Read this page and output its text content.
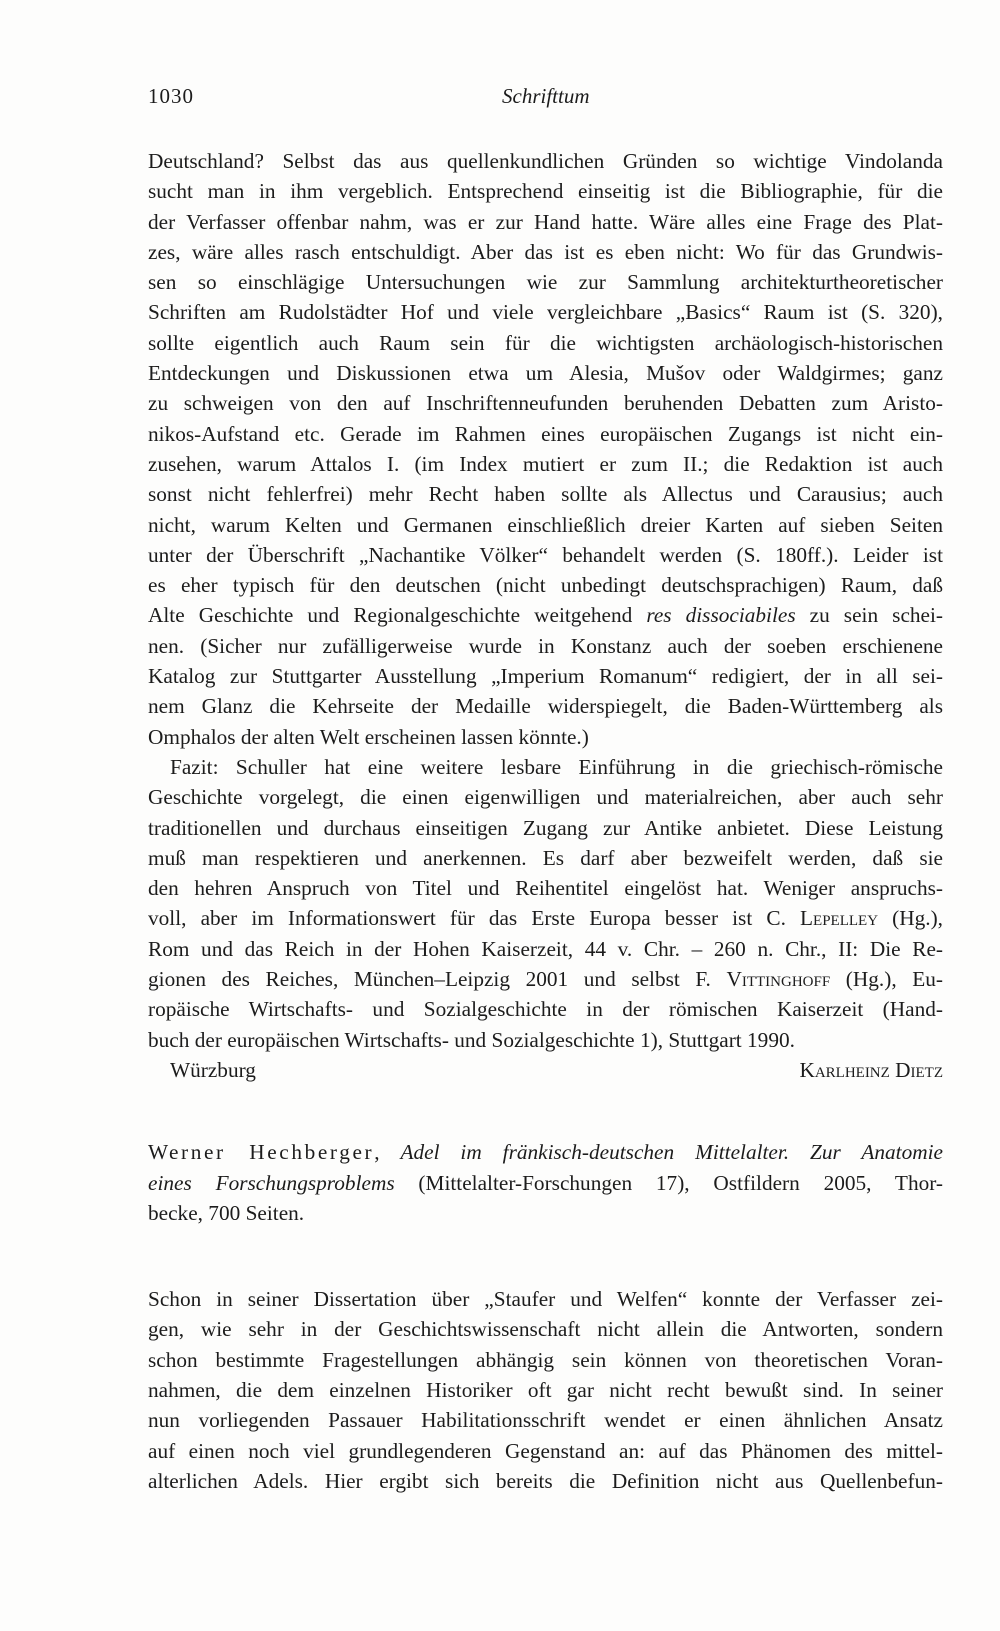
1030	Schrifttum
Deutschland? Selbst das aus quellenkundlichen Gründen so wichtige Vindolanda
sucht man in ihm vergeblich. Entsprechend einseitig ist die Bibliographie, für die
der Verfasser offenbar nahm, was er zur Hand hatte. Wäre alles eine Frage des Plat-
zes, wäre alles rasch entschuldigt. Aber das ist es eben nicht: Wo für das Grundwis-
sen so einschlägige Untersuchungen wie zur Sammlung architekturtheoretischer
Schriften am Rudolstädter Hof und viele vergleichbare „Basics“ Raum ist (S. 320),
sollte eigentlich auch Raum sein für die wichtigsten archäologisch-historischen
Entdeckungen und Diskussionen etwa um Alesia, Mušov oder Waldgirmes; ganz
zu schweigen von den auf Inschriftenneufunden beruhenden Debatten zum Aristo-
nikos-Aufstand etc. Gerade im Rahmen eines europäischen Zugangs ist nicht ein-
zusehen, warum Attalos I. (im Index mutiert er zum II.; die Redaktion ist auch
sonst nicht fehlerfrei) mehr Recht haben sollte als Allectus und Carausius; auch
nicht, warum Kelten und Germanen einschließlich dreier Karten auf sieben Seiten
unter der Überschrift „Nachantike Völker“ behandelt werden (S. 180ff.). Leider ist
es eher typisch für den deutschen (nicht unbedingt deutschsprachigen) Raum, daß
Alte Geschichte und Regionalgeschichte weitgehend res dissociabiles zu sein schei-
nen. (Sicher nur zufälligerweise wurde in Konstanz auch der soeben erschienene
Katalog zur Stuttgarter Ausstellung „Imperium Romanum“ redigiert, der in all sei-
nem Glanz die Kehrseite der Medaille widerspiegelt, die Baden-Württemberg als
Omphalos der alten Welt erscheinen lassen könnte.)
Fazit: Schuller hat eine weitere lesbare Einführung in die griechisch-römische
Geschichte vorgelegt, die einen eigenwilligen und materialreichen, aber auch sehr
traditionellen und durchaus einseitigen Zugang zur Antike anbietet. Diese Leistung
muß man respektieren und anerkennen. Es darf aber bezweifelt werden, daß sie
den hehren Anspruch von Titel und Reihentitel eingelöst hat. Weniger anspruchs-
voll, aber im Informationswert für das Erste Europa besser ist C. Lepelley (Hg.),
Rom und das Reich in der Hohen Kaiserzeit, 44 v. Chr. – 260 n. Chr., II: Die Re-
gionen des Reiches, München–Leipzig 2001 und selbst F. Vittinghoff (Hg.), Eu-
ropäische Wirtschafts- und Sozialgeschichte in der römischen Kaiserzeit (Hand-
buch der europäischen Wirtschafts- und Sozialgeschichte 1), Stuttgart 1990.
Würzburg	Karlheinz Dietz
Werner Hechberger, Adel im fränkisch-deutschen Mittelalter. Zur Anatomie
eines Forschungsproblems (Mittelalter-Forschungen 17), Ostfildern 2005, Thor-
becke, 700 Seiten.
Schon in seiner Dissertation über „Staufer und Welfen“ konnte der Verfasser zei-
gen, wie sehr in der Geschichtswissenschaft nicht allein die Antworten, sondern
schon bestimmte Fragestellungen abhängig sein können von theoretischen Voran-
nahmen, die dem einzelnen Historiker oft gar nicht recht bewußt sind. In seiner
nun vorliegenden Passauer Habilitationsschrift wendet er einen ähnlichen Ansatz
auf einen noch viel grundlegenderen Gegenstand an: auf das Phänomen des mittel-
alterlichen Adels. Hier ergibt sich bereits die Definition nicht aus Quellenbefun-
